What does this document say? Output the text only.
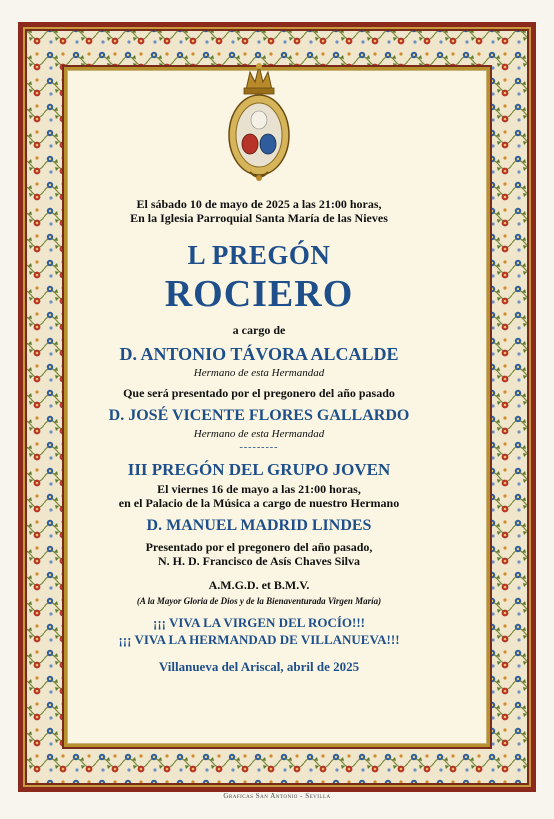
El sábado 10 de mayo de 2025 a las 21:00 horas,

En la Iglesia Parroquial Santa María de las Nieves

L PREGÓN

ROCIERO

a cargo de

D. ANTONIO TÁVORA ALCALDE

Hermano de esta Hermandad

Que será presentado por el pregonero del año pasado

D. JOSÉ VICENTE FLORES GALLARDO

Hermano de esta Hermandad

---------

III PREGÓN DEL GRUPO JOVEN

El viernes 16 de mayo a las 21:00 horas,

en el Palacio de la Música a cargo de nuestro Hermano

D. MANUEL MADRID LINDES

Presentado por el pregonero del año pasado,

N. H. D. Francisco de Asís Chaves Silva

A.M.G.D. et B.M.V.

(A la Mayor Gloria de Dios y de la Bienaventurada Virgen María)

¡¡¡ VIVA LA VIRGEN DEL ROCÍO!!!

¡¡¡ VIVA LA HERMANDAD DE VILLANUEVA!!!

Villanueva del Ariscal, abril de 2025

Graficas San Antonio - Sevilla
